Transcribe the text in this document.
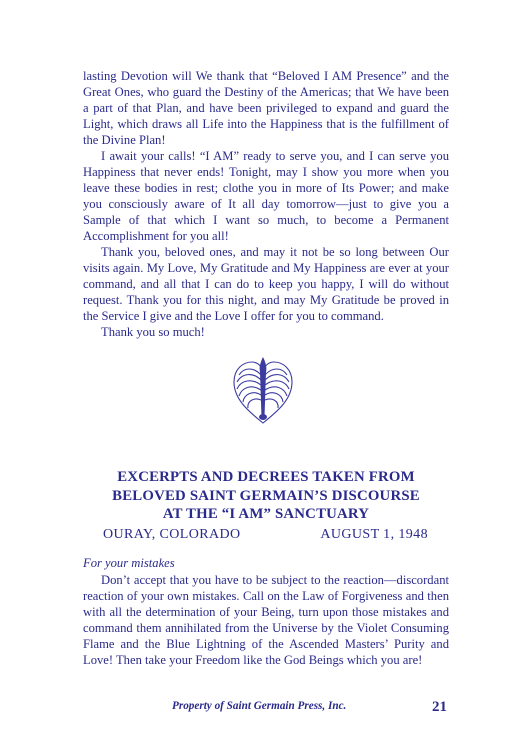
lasting Devotion will We thank that “Beloved I AM Presence” and the Great Ones, who guard the Destiny of the Americas; that We have been a part of that Plan, and have been privileged to expand and guard the Light, which draws all Life into the Happiness that is the fulfillment of the Divine Plan!

I await your calls! “I AM” ready to serve you, and I can serve you Happiness that never ends! Tonight, may I show you more when you leave these bodies in rest; clothe you in more of Its Power; and make you consciously aware of It all day tomorrow—just to give you a Sample of that which I want so much, to become a Permanent Accomplishment for you all!

Thank you, beloved ones, and may it not be so long between Our visits again. My Love, My Gratitude and My Happiness are ever at your command, and all that I can do to keep you happy, I will do without request. Thank you for this night, and may My Gratitude be proved in the Service I give and the Love I offer for you to command.

Thank you so much!

EXCERPTS AND DECREES TAKEN FROM
BELOVED SAINT GERMAIN’S DISCOURSE
AT THE “I AM” SANCTUARY
OURAY, COLORADO	AUGUST 1, 1948
For your mistakes

Don’t accept that you have to be subject to the reaction—discordant reaction of your own mistakes. Call on the Law of Forgiveness and then with all the determination of your Being, turn upon those mistakes and command them annihilated from the Universe by the Violet Consuming Flame and the Blue Lightning of the Ascended Masters’ Purity and Love! Then take your Freedom like the God Beings which you are!

Property of Saint Germain Press, Inc.	21
